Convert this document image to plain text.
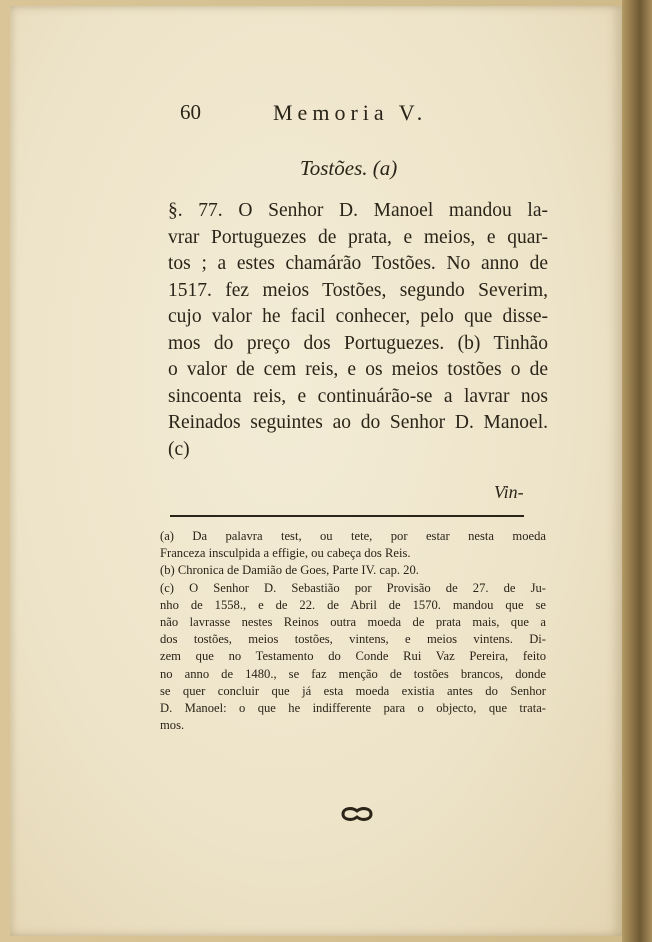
60	Memoria V.
Tostões. (a)
§. 77. O Senhor D. Manoel mandou la-
vrar Portuguezes de prata, e meios, e quar-
tos ; a estes chamárão Tostões. No anno de
1517. fez meios Tostões, segundo Severim,
cujo valor he facil conhecer, pelo que disse-
mos do preço dos Portuguezes. (b) Tinhão
o valor de cem reis, e os meios tostões o de
sincoenta reis, e continuárão-se a lavrar nos
Reinados seguintes ao do Senhor D. Manoel.
(c)
Vin-
(a) Da palavra test, ou tete, por estar nesta moeda
Franceza insculpida a effigie, ou cabeça dos Reis.
(b) Chronica de Damião de Goes, Parte IV. cap. 20.
(c) O Senhor D. Sebastião por Provisão de 27. de Ju-
nho de 1558., e de 22. de Abril de 1570. mandou que se
não lavrasse nestes Reinos outra moeda de prata mais, que a
dos tostões, meios tostões, vintens, e meios vintens. Di-
zem que no Testamento do Conde Rui Vaz Pereira, feito
no anno de 1480., se faz menção de tostões brancos, donde
se quer concluir que já esta moeda existia antes do Senhor
D. Manoel: o que he indifferente para o objecto, que trata-
mos.
